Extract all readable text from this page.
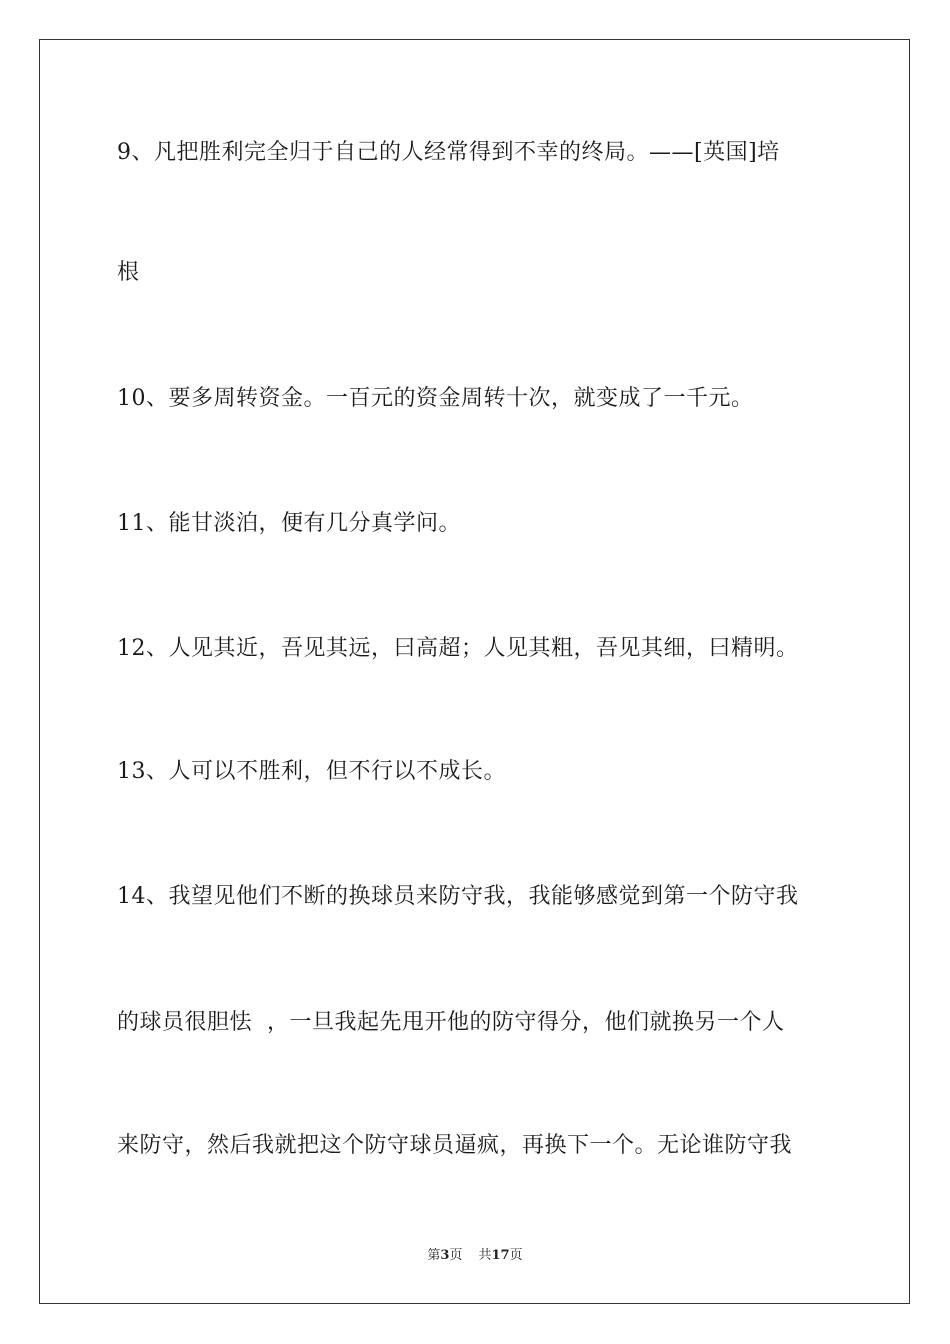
9、凡把胜利完全归于自己的人经常得到不幸的终局。——[英国]培
根
10、要多周转资金。一百元的资金周转十次，就变成了一千元。
11、能甘淡泊，便有几分真学问。
12、人见其近，吾见其远，曰高超；人见其粗，吾见其细，曰精明。
13、人可以不胜利，但不行以不成长。
14、我望见他们不断的换球员来防守我，我能够感觉到第一个防守我
的球员很胆怯  ，一旦我起先甩开他的防守得分，他们就换另一个人
来防守，然后我就把这个防守球员逼疯，再换下一个。无论谁防守我
第3页 共17页
